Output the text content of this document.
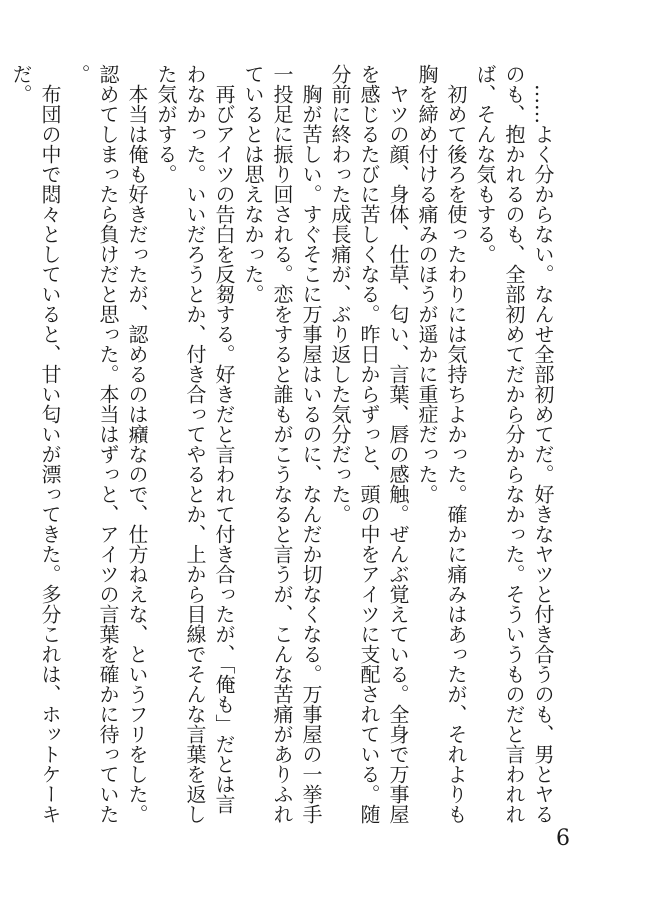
　……よく分からない。なんせ全部初めてだ。好きなヤツと付き合うのも、男とヤるのも、抱かれるのも、全部初めてだから分からなかった。そういうものだと言われれば、そんな気もする。

　初めて後ろを使ったわりには気持ちよかった。確かに痛みはあったが、それよりも胸を締め付ける痛みのほうが遥かに重症だった。

　ヤツの顔、身体、仕草、匂い、言葉、唇の感触。ぜんぶ覚えている。全身で万事屋を感じるたびに苦しくなる。昨日からずっと、頭の中をアイツに支配されている。随分前に終わった成長痛が、ぶり返した気分だった。

　胸が苦しい。すぐそこに万事屋はいるのに、なんだか切なくなる。万事屋の一挙手一投足に振り回される。恋をすると誰もがこうなると言うが、こんな苦痛がありふれているとは思えなかった。

　再びアイツの告白を反芻する。好きだと言われて付き合ったが、「俺も」だとは言わなかった。いいだろうとか、付き合ってやるとか、上から目線でそんな言葉を返した気がする。

　本当は俺も好きだったが、認めるのは癪なので、仕方ねえな、というフリをした。認めてしまったら負けだと思った。本当はずっと、アイツの言葉を確かに待っていた。

　布団の中で悶々としていると、甘い匂いが漂ってきた。多分これは、ホットケーキだ。

6
